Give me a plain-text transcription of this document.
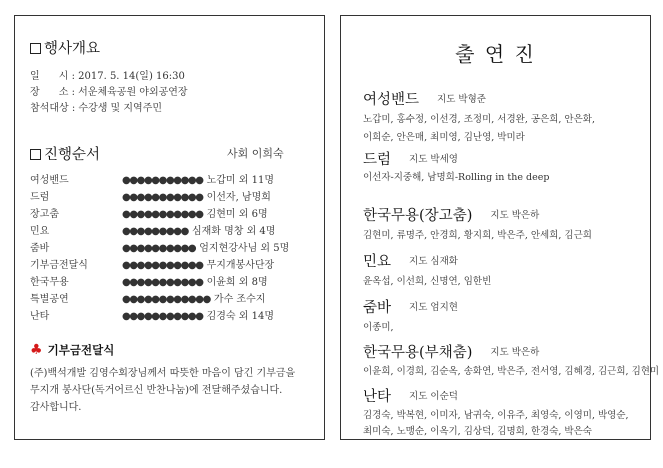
행사개요
일      시 : 2017. 5. 14(일) 16:30
장      소 : 서운체육공원 야외공연장
참석대상 : 수강생 및 지역주민
진행순서	사회 이희숙
여성밴드	●●●●●●●●●●● 노갑미 외 11명
드럼	●●●●●●●●●●● 이선자, 남명희
장고춤	●●●●●●●●●●● 김현미 외 6명
민요	●●●●●●●●● 심재화 명창 외 4명
줌바	●●●●●●●●●● 엄지현강사님 외 5명
기부금전달식	●●●●●●●●●●● 무지개봉사단장
한국무용	●●●●●●●●●●● 이윤희 외 8명
특별공연	●●●●●●●●●●●● 가수 조수지
난타	●●●●●●●●●●● 김경숙 외 14명
♣ 기부금전달식
(주)백석개발 김영수회장님께서 따뜻한 마음이 담긴 기부금을
무지개 봉사단(독거어르신 반찬나눔)에 전달해주셨습니다.
감사합니다.
출 연 진
여성밴드 지도 박형준
노갑미, 홍수정, 이선경, 조정미, 서경완, 공은희, 안은화,
이희순, 안은매, 최미영, 김난영, 박미라
드럼 지도 박세영
이선자-지중해, 남명희-Rolling in the deep
한국무용(장고춤) 지도 박은하
김현미, 류명주, 안경희, 황지희, 박은주, 안세희, 김근희
민요 지도 심재화
윤옥섭, 이선희, 신명연, 임한빈
줌바 지도 엄지현
이종미,
한국무용(부채춤) 지도 박은하
이윤희, 이경희, 김순옥, 송화연, 박은주, 전서영, 김혜경, 김근희, 김현미
난타 지도 이순덕
김경숙, 박복현, 이미자, 남귀숙, 이유주, 최영숙, 이영미, 박영순,
최미숙, 노맹순, 이옥기, 김상덕, 김명희, 한경숙, 박은숙
